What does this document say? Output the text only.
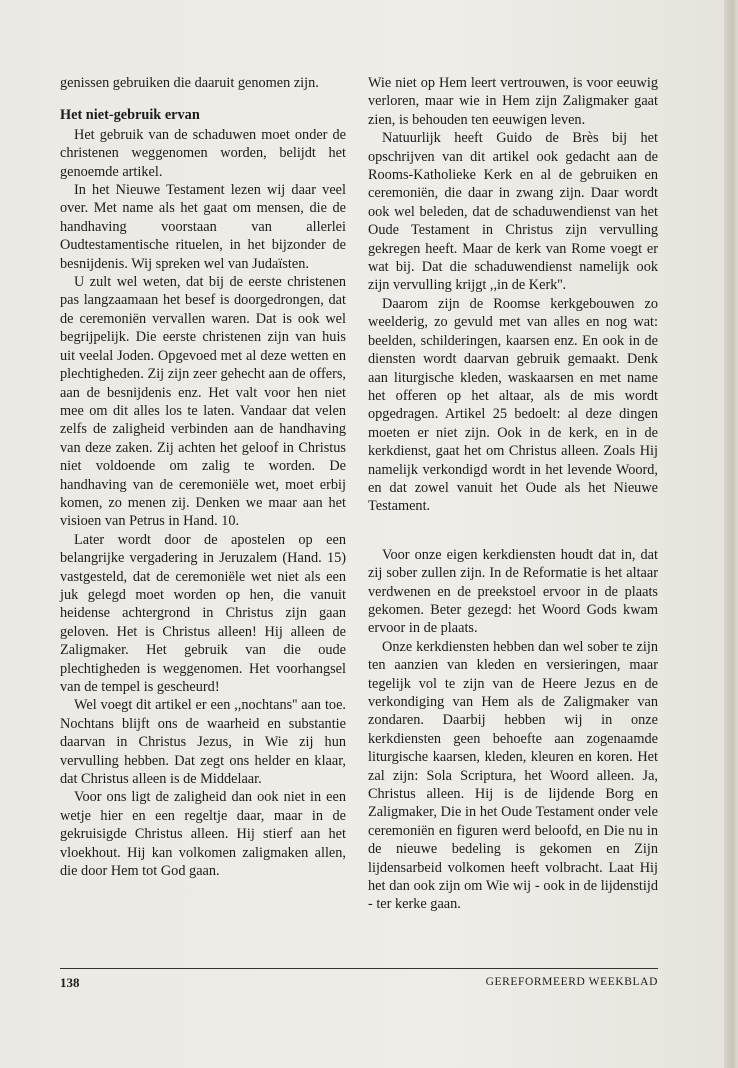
genissen gebruiken die daaruit genomen zijn.

Het niet-gebruik ervan

Het gebruik van de schaduwen moet onder de christenen weggenomen worden, belijdt het genoemde artikel.

In het Nieuwe Testament lezen wij daar veel over. Met name als het gaat om mensen, die de handhaving voorstaan van allerlei Oudtestamentische rituelen, in het bijzonder de besnijdenis. Wij spreken wel van Judaïsten.

U zult wel weten, dat bij de eerste christenen pas langzaamaan het besef is doorgedrongen, dat de ceremoniën vervallen waren. Dat is ook wel begrijpelijk. Die eerste christenen zijn van huis uit veelal Joden. Opgevoed met al deze wetten en plechtigheden. Zij zijn zeer gehecht aan de offers, aan de besnijdenis enz. Het valt voor hen niet mee om dit alles los te laten. Vandaar dat velen zelfs de zaligheid verbinden aan de handhaving van deze zaken. Zij achten het geloof in Christus niet voldoende om zalig te worden. De handhaving van de ceremoniële wet, moet erbij komen, zo menen zij. Denken we maar aan het visioen van Petrus in Hand. 10.

Later wordt door de apostelen op een belangrijke vergadering in Jeruzalem (Hand. 15) vastgesteld, dat de ceremoniële wet niet als een juk gelegd moet worden op hen, die vanuit heidense achtergrond in Christus zijn gaan geloven. Het is Christus alleen! Hij alleen de Zaligmaker. Het gebruik van die oude plechtigheden is weggenomen. Het voorhangsel van de tempel is gescheurd!

Wel voegt dit artikel er een ,,nochtans'' aan toe. Nochtans blijft ons de waarheid en substantie daarvan in Christus Jezus, in Wie zij hun vervulling hebben. Dat zegt ons helder en klaar, dat Christus alleen is de Middelaar.

Voor ons ligt de zaligheid dan ook niet in een wetje hier en een regeltje daar, maar in de gekruisigde Christus alleen. Hij stierf aan het vloekhout. Hij kan volkomen zaligmaken allen, die door Hem tot God gaan.

Wie niet op Hem leert vertrouwen, is voor eeuwig verloren, maar wie in Hem zijn Zaligmaker gaat zien, is behouden ten eeuwigen leven.

Natuurlijk heeft Guido de Brès bij het opschrijven van dit artikel ook gedacht aan de Rooms-Katholieke Kerk en al de gebruiken en ceremoniën, die daar in zwang zijn. Daar wordt ook wel beleden, dat de schaduwendienst van het Oude Testament in Christus zijn vervulling gekregen heeft. Maar de kerk van Rome voegt er wat bij. Dat die schaduwendienst namelijk ook zijn vervulling krijgt ,,in de Kerk''.

Daarom zijn de Roomse kerkgebouwen zo weelderig, zo gevuld met van alles en nog wat: beelden, schilderingen, kaarsen enz. En ook in de diensten wordt daarvan gebruik gemaakt. Denk aan liturgische kleden, waskaarsen en met name het offeren op het altaar, als de mis wordt opgedragen. Artikel 25 bedoelt: al deze dingen moeten er niet zijn. Ook in de kerk, en in de kerkdienst, gaat het om Christus alleen. Zoals Hij namelijk verkondigd wordt in het levende Woord, en dat zowel vanuit het Oude als het Nieuwe Testament.

Voor onze eigen kerkdiensten houdt dat in, dat zij sober zullen zijn. In de Reformatie is het altaar verdwenen en de preekstoel ervoor in de plaats gekomen. Beter gezegd: het Woord Gods kwam ervoor in de plaats.

Onze kerkdiensten hebben dan wel sober te zijn ten aanzien van kleden en versieringen, maar tegelijk vol te zijn van de Heere Jezus en de verkondiging van Hem als de Zaligmaker van zondaren. Daarbij hebben wij in onze kerkdiensten geen behoefte aan zogenaamde liturgische kaarsen, kleden, kleuren en koren. Het zal zijn: Sola Scriptura, het Woord alleen. Ja, Christus alleen. Hij is de lijdende Borg en Zaligmaker, Die in het Oude Testament onder vele ceremoniën en figuren werd beloofd, en Die nu in de nieuwe bedeling is gekomen en Zijn lijdensarbeid volkomen heeft volbracht. Laat Hij het dan ook zijn om Wie wij - ook in de lijdenstijd - ter kerke gaan.

138	GEREFORMEERD WEEKBLAD
